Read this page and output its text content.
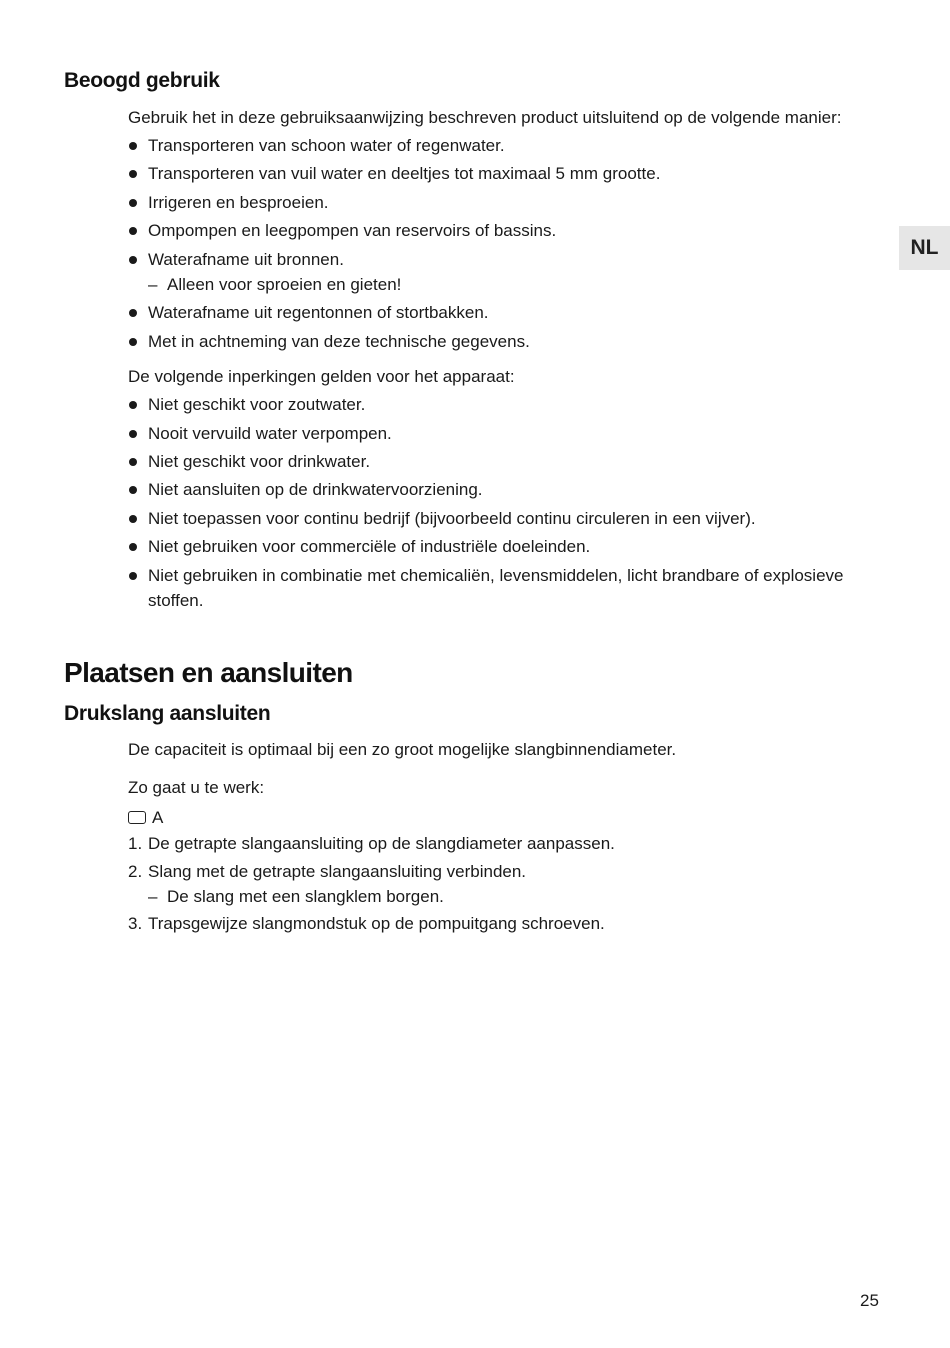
NL
Beoogd gebruik
Gebruik het in deze gebruiksaanwijzing beschreven product uitsluitend op de volgende manier:
Transporteren van schoon water of regenwater.
Transporteren van vuil water en deeltjes tot maximaal 5 mm grootte.
Irrigeren en besproeien.
Ompompen en leegpompen van reservoirs of bassins.
Waterafname uit bronnen.
– Alleen voor sproeien en gieten!
Waterafname uit regentonnen of stortbakken.
Met in achtneming van deze technische gegevens.
De volgende inperkingen gelden voor het apparaat:
Niet geschikt voor zoutwater.
Nooit vervuild water verpompen.
Niet geschikt voor drinkwater.
Niet aansluiten op de drinkwatervoorziening.
Niet toepassen voor continu bedrijf (bijvoorbeeld continu circuleren in een vijver).
Niet gebruiken voor commerciële of industriële doeleinden.
Niet gebruiken in combinatie met chemicaliën, levensmiddelen, licht brandbare of explosieve stoffen.
Plaatsen en aansluiten
Drukslang aansluiten
De capaciteit is optimaal bij een zo groot mogelijke slangbinnendiameter.
Zo gaat u te werk:
A
1. De getrapte slangaansluiting op de slangdiameter aanpassen.
2. Slang met de getrapte slangaansluiting verbinden.
– De slang met een slangklem borgen.
3. Trapsgewijze slangmondstuk op de pompuitgang schroeven.
25
